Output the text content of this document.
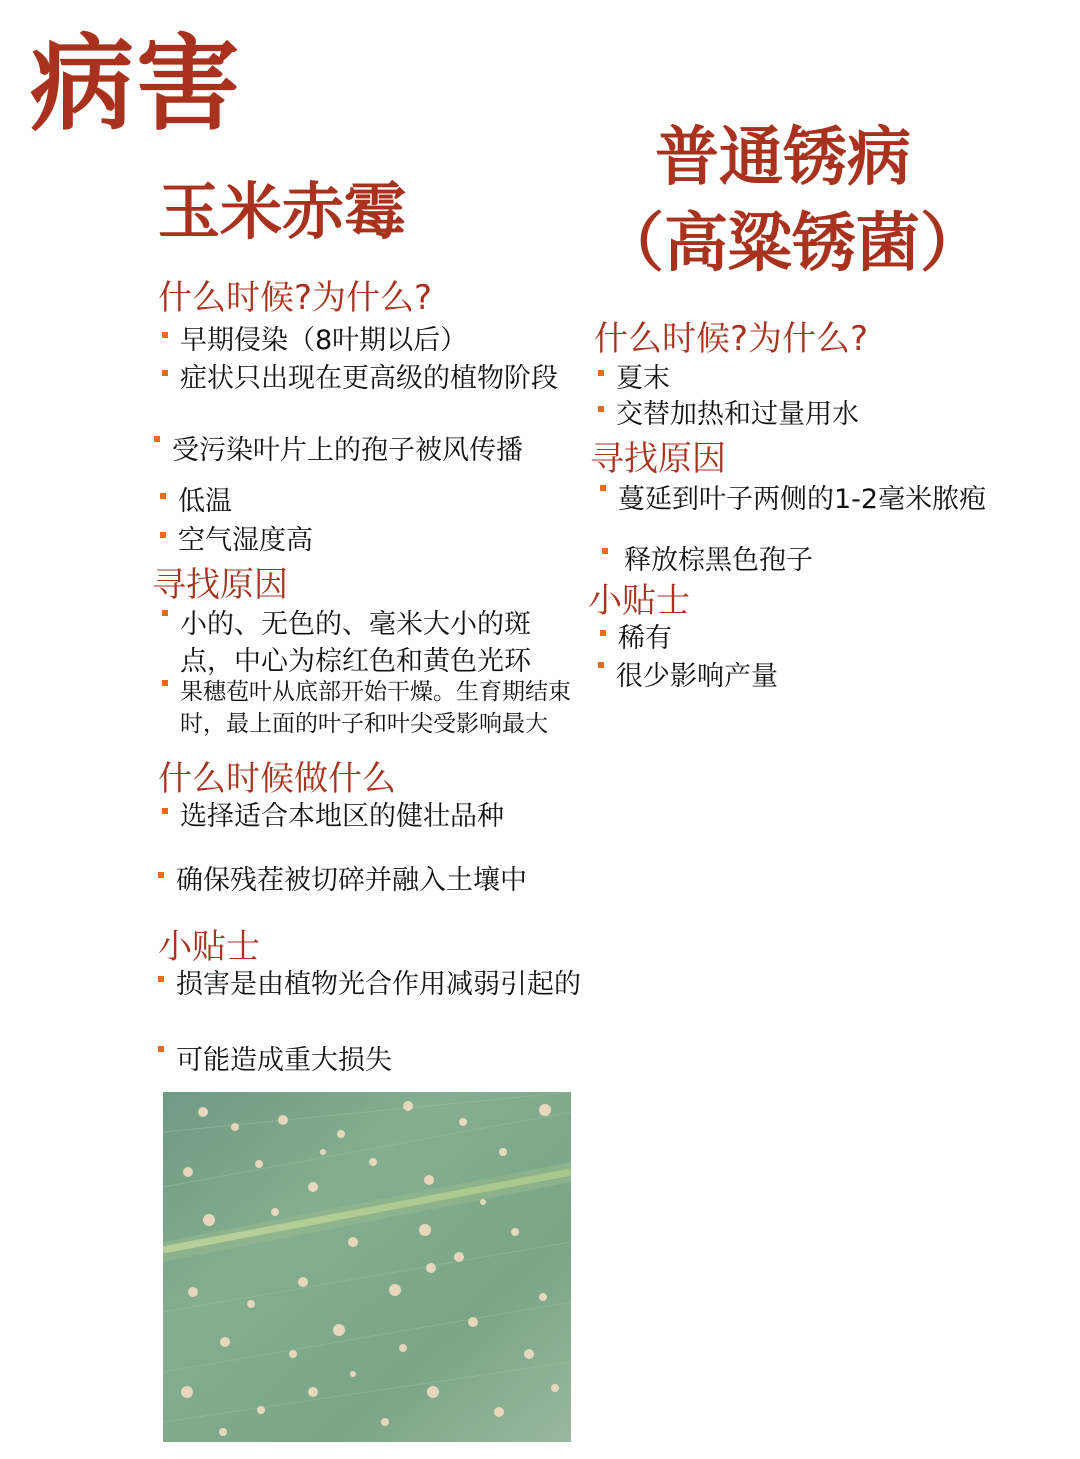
病害
玉米赤霉
什么时候?为什么?
早期侵染（8叶期以后）
症状只出现在更高级的植物阶段
受污染叶片上的孢子被风传播
低温
空气湿度高
寻找原因
小的、无色的、毫米大小的斑点，中心为棕红色和黄色光环
果穗苞叶从底部开始干燥。生育期结束时，最上面的叶子和叶尖受影响最大
什么时候做什么
选择适合本地区的健壮品种
确保残茬被切碎并融入土壤中
小贴士
损害是由植物光合作用减弱引起的
可能造成重大损失
普通锈病
（高粱锈菌）
什么时候?为什么?
夏末
交替加热和过量用水
寻找原因
蔓延到叶子两侧的1-2毫米脓疱
释放棕黑色孢子
小贴士
稀有
很少影响产量
